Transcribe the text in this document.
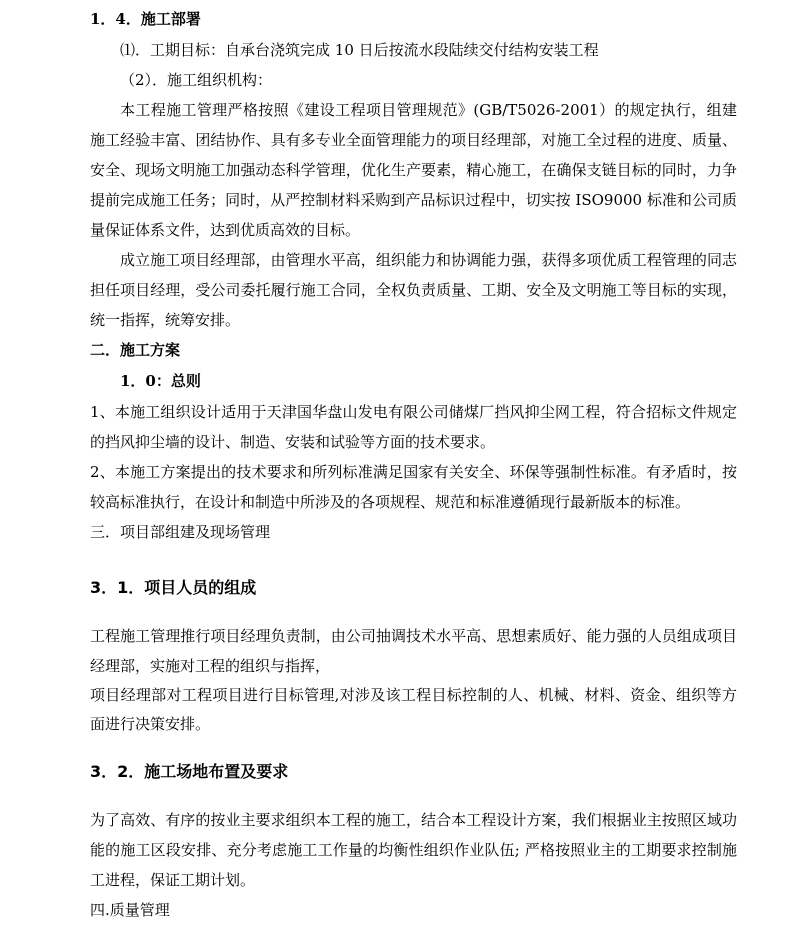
1．4．施工部署

⑴．工期目标：自承台浇筑完成 10 日后按流水段陆续交付结构安装工程

（2）．施工组织机构：

本工程施工管理严格按照《建设工程项目管理规范》(GB/T5026-2001）的规定执行，组建施工经验丰富、团结协作、具有多专业全面管理能力的项目经理部，对施工全过程的进度、质量、安全、现场文明施工加强动态科学管理，优化生产要素，精心施工，在确保支链目标的同时，力争提前完成施工任务；同时，从严控制材料采购到产品标识过程中，切实按 ISO9000 标准和公司质量保证体系文件，达到优质高效的目标。

成立施工项目经理部，由管理水平高，组织能力和协调能力强，获得多项优质工程管理的同志担任项目经理，受公司委托履行施工合同，全权负责质量、工期、安全及文明施工等目标的实现，统一指挥，统筹安排。

二．施工方案

1．0：总则

1、本施工组织设计适用于天津国华盘山发电有限公司储煤厂挡风抑尘网工程，符合招标文件规定的挡风抑尘墙的设计、制造、安装和试验等方面的技术要求。

2、本施工方案提出的技术要求和所列标准满足国家有关安全、环保等强制性标准。有矛盾时，按较高标准执行，在设计和制造中所涉及的各项规程、规范和标准遵循现行最新版本的标准。

三．项目部组建及现场管理

3．1．项目人员的组成

工程施工管理推行项目经理负责制，由公司抽调技术水平高、思想素质好、能力强的人员组成项目经理部，实施对工程的组织与指挥，

项目经理部对工程项目进行目标管理,对涉及该工程目标控制的人、机械、材料、资金、组织等方面进行决策安排。

3．2．施工场地布置及要求

为了高效、有序的按业主要求组织本工程的施工，结合本工程设计方案，我们根据业主按照区域功能的施工区段安排、充分考虑施工工作量的均衡性组织作业队伍; 严格按照业主的工期要求控制施工进程，保证工期计划。

四.质量管理
